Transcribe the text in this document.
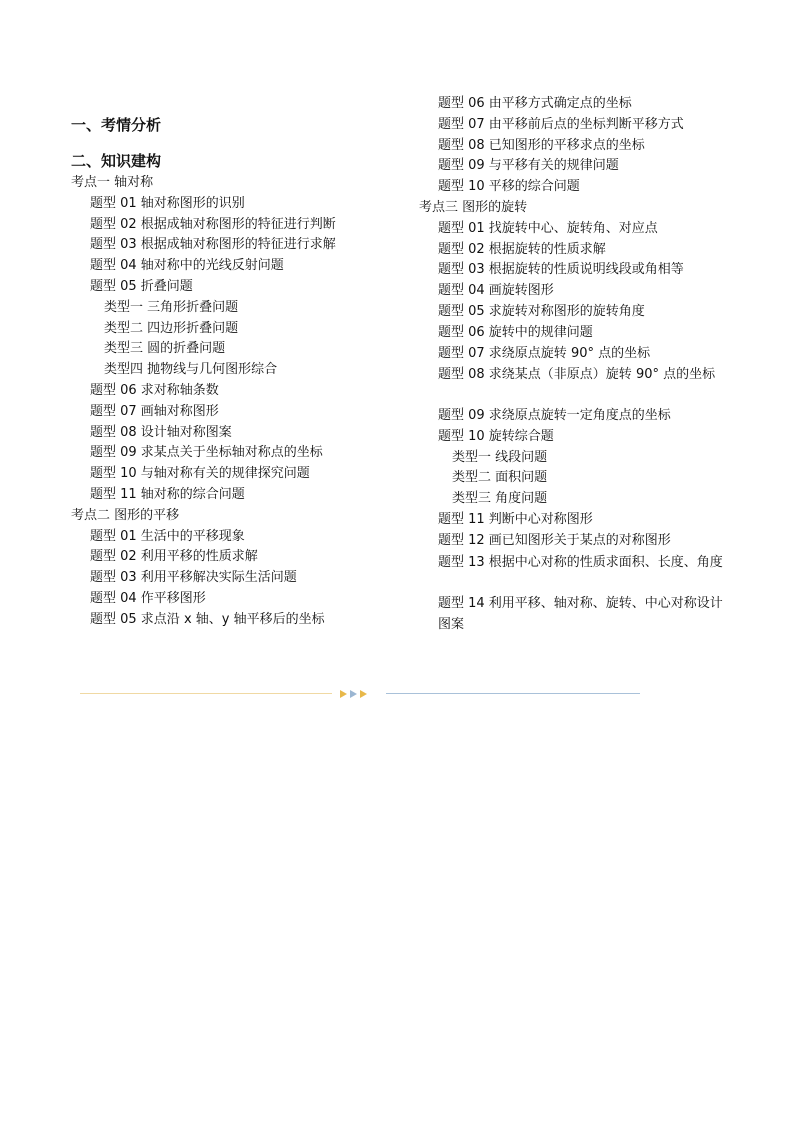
一、考情分析
二、知识建构
考点一 轴对称
题型 01 轴对称图形的识别
题型 02 根据成轴对称图形的特征进行判断
题型 03 根据成轴对称图形的特征进行求解
题型 04 轴对称中的光线反射问题
题型 05 折叠问题
类型一 三角形折叠问题
类型二 四边形折叠问题
类型三 圆的折叠问题
类型四 抛物线与几何图形综合
题型 06 求对称轴条数
题型 07 画轴对称图形
题型 08 设计轴对称图案
题型 09 求某点关于坐标轴对称点的坐标
题型 10 与轴对称有关的规律探究问题
题型 11 轴对称的综合问题
考点二 图形的平移
题型 01 生活中的平移现象
题型 02 利用平移的性质求解
题型 03 利用平移解决实际生活问题
题型 04 作平移图形
题型 05 求点沿 x 轴、y 轴平移后的坐标
题型 06 由平移方式确定点的坐标
题型 07 由平移前后点的坐标判断平移方式
题型 08 已知图形的平移求点的坐标
题型 09 与平移有关的规律问题
题型 10 平移的综合问题
考点三 图形的旋转
题型 01 找旋转中心、旋转角、对应点
题型 02 根据旋转的性质求解
题型 03 根据旋转的性质说明线段或角相等
题型 04 画旋转图形
题型 05 求旋转对称图形的旋转角度
题型 06 旋转中的规律问题
题型 07 求绕原点旋转 90° 点的坐标
题型 08 求绕某点（非原点）旋转 90° 点的坐标
题型 09 求绕原点旋转一定角度点的坐标
题型 10 旋转综合题
类型一 线段问题
类型二 面积问题
类型三 角度问题
题型 11 判断中心对称图形
题型 12 画已知图形关于某点的对称图形
题型 13 根据中心对称的性质求面积、长度、角度
题型 14 利用平移、轴对称、旋转、中心对称设计图案
